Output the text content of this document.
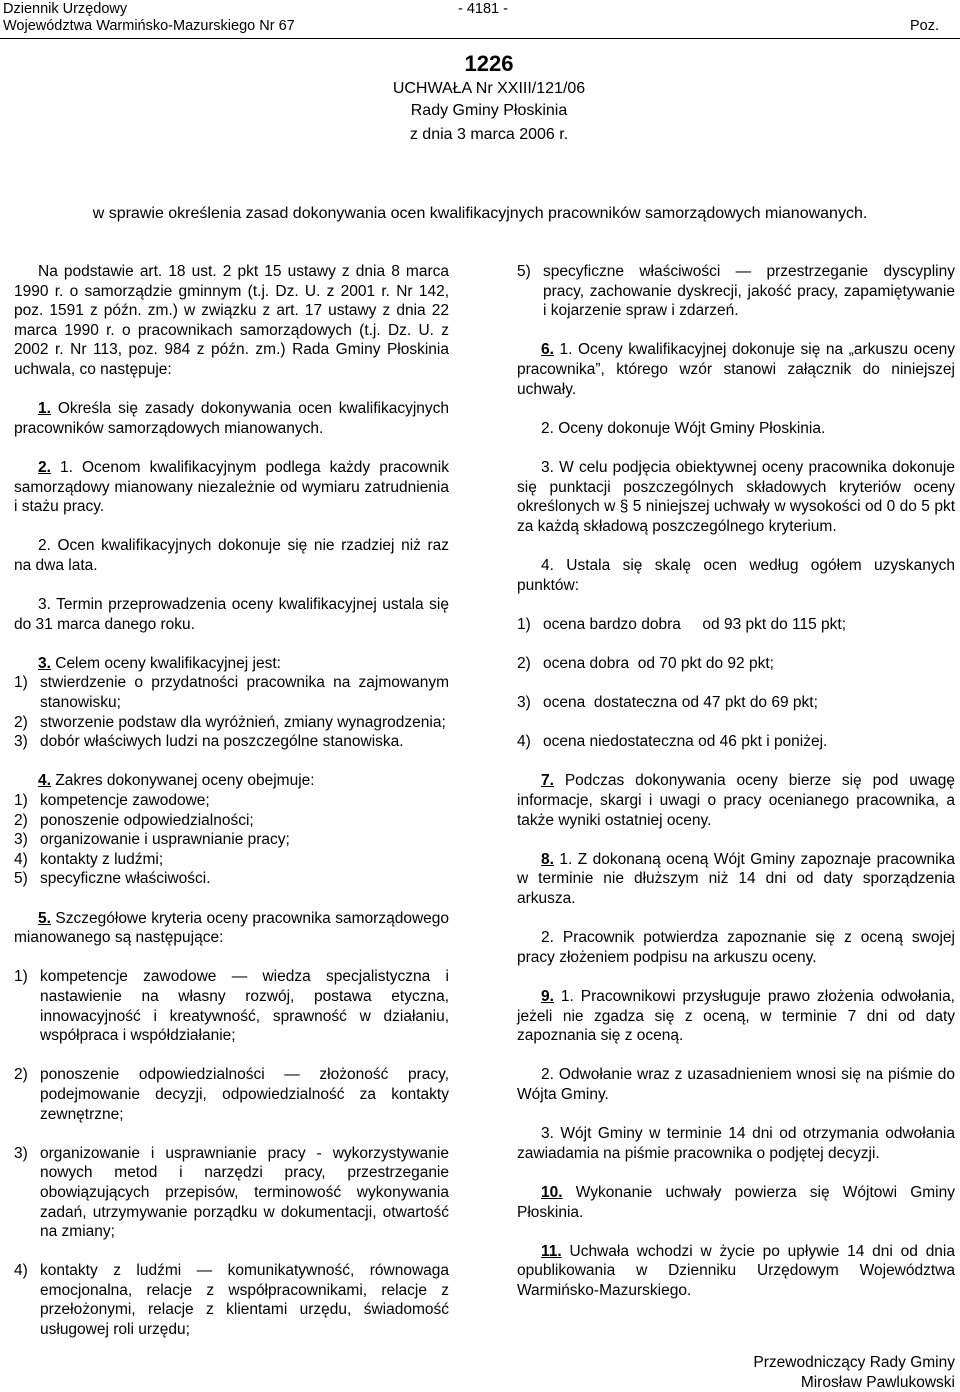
Dziennik Urzędowy
Województwa Warmińsko-Mazurskiego Nr 67
- 4181 -
Poz.
1226
UCHWAŁA Nr XXIII/121/06
Rady Gminy Płoskinia
z dnia 3 marca 2006 r.
w sprawie określenia zasad dokonywania ocen kwalifikacyjnych pracowników samorządowych mianowanych.

Na podstawie art. 18 ust. 2 pkt 15 ustawy z dnia 8 marca 1990 r. o samorządzie gminnym (t.j. Dz. U. z 2001 r. Nr 142, poz. 1591 z późn. zm.) w związku z art. 17 ustawy z dnia 22 marca 1990 r. o pracownikach samorządowych (t.j. Dz. U. z 2002 r. Nr 113, poz. 984 z późn. zm.) Rada Gminy Płoskinia uchwala, co następuje:

1. Określa się zasady dokonywania ocen kwalifikacyjnych pracowników samorządowych mianowanych.

2. 1. Ocenom kwalifikacyjnym podlega każdy pracownik samorządowy mianowany niezależnie od wymiaru zatrudnienia i stażu pracy.

2. Ocen kwalifikacyjnych dokonuje się nie rzadziej niż raz na dwa lata.

3. Termin przeprowadzenia oceny kwalifikacyjnej ustala się do 31 marca danego roku.

3. Celem oceny kwalifikacyjnej jest:

1) stwierdzenie o przydatności pracownika na zajmowanym stanowisku;
2) stworzenie podstaw dla wyróżnień, zmiany wynagrodzenia;
3) dobór właściwych ludzi na poszczególne stanowiska.

4. Zakres dokonywanej oceny obejmuje:

1) kompetencje zawodowe;
2) ponoszenie odpowiedzialności;
3) organizowanie i usprawnianie pracy;
4) kontakty z ludźmi;
5) specyficzne właściwości.

5. Szczegółowe kryteria oceny pracownika samorządowego mianowanego są następujące:

1) kompetencje zawodowe — wiedza specjalistyczna i nastawienie na własny rozwój, postawa etyczna, innowacyjność i kreatywność, sprawność w działaniu, współpraca i współdziałanie;
2) ponoszenie odpowiedzialności — złożoność pracy, podejmowanie decyzji, odpowiedzialność za kontakty zewnętrzne;
3) organizowanie i usprawnianie pracy - wykorzystywanie nowych metod i narzędzi pracy, przestrzeganie obowiązujących przepisów, terminowość wykonywania zadań, utrzymywanie porządku w dokumentacji, otwartość na zmiany;
4) kontakty z ludźmi — komunikatywność, równowaga emocjonalna, relacje z współpracownikami, relacje z przełożonymi, relacje z klientami urzędu, świadomość usługowej roli urzędu;
5) specyficzne właściwości — przestrzeganie dyscypliny pracy, zachowanie dyskrecji, jakość pracy, zapamiętywanie i kojarzenie spraw i zdarzeń.

6. 1. Oceny kwalifikacyjnej dokonuje się na „arkuszu oceny pracownika”, którego wzór stanowi załącznik do niniejszej uchwały.

2. Oceny dokonuje Wójt Gminy Płoskinia.

3. W celu podjęcia obiektywnej oceny pracownika dokonuje się punktacji poszczególnych składowych kryteriów oceny określonych w § 5 niniejszej uchwały w wysokości od 0 do 5 pkt za każdą składową poszczególnego kryterium.

4. Ustala się skalę ocen według ogółem uzyskanych punktów:

1) ocena bardzo dobra     od 93 pkt do 115 pkt;
2) ocena dobra  od 70 pkt do 92 pkt;
3) ocena  dostateczna od 47 pkt do 69 pkt;
4) ocena niedostateczna od 46 pkt i poniżej.

7. Podczas dokonywania oceny bierze się pod uwagę informacje, skargi i uwagi o pracy ocenianego pracownika, a także wyniki ostatniej oceny.

8. 1. Z dokonaną oceną Wójt Gminy zapoznaje pracownika w terminie nie dłuższym niż 14 dni od daty sporządzenia arkusza.

2. Pracownik potwierdza zapoznanie się z oceną swojej pracy złożeniem podpisu na arkuszu oceny.

9. 1. Pracownikowi przysługuje prawo złożenia odwołania, jeżeli nie zgadza się z oceną, w terminie 7 dni od daty zapoznania się z oceną.

2. Odwołanie wraz z uzasadnieniem wnosi się na piśmie do Wójta Gminy.

3. Wójt Gminy w terminie 14 dni od otrzymania odwołania zawiadamia na piśmie pracownika o podjętej decyzji.

10. Wykonanie uchwały powierza się Wójtowi Gminy Płoskinia.

11. Uchwała wchodzi w życie po upływie 14 dni od dnia opublikowania w Dzienniku Urzędowym Województwa Warmińsko-Mazurskiego.

Przewodniczący Rady Gminy
Mirosław Pawlukowski
